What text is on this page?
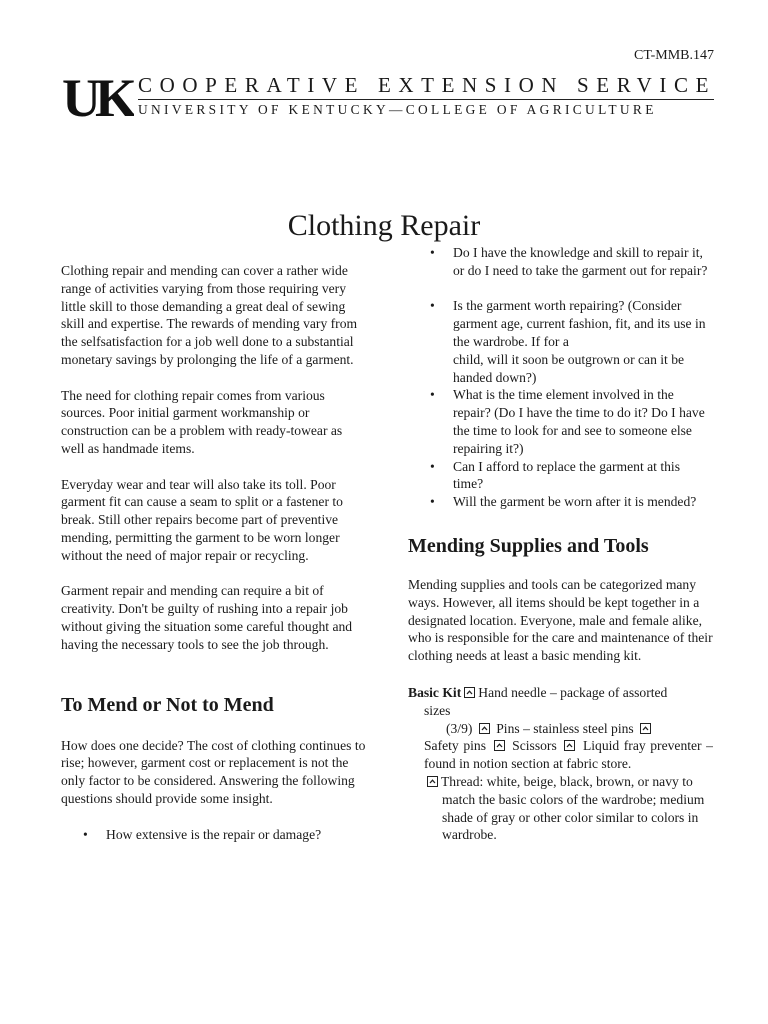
CT-MMB.147
UK COOPERATIVE EXTENSION SERVICE
UNIVERSITY OF KENTUCKY—COLLEGE OF AGRICULTURE
Clothing Repair

Clothing repair and mending can cover a rather wide range of activities varying from those requiring very little skill to those demanding a great deal of sewing skill and expertise. The rewards of mending vary from the selfsatisfaction for a job well done to a substantial monetary savings by prolonging the life of a garment.

The need for clothing repair comes from various sources. Poor initial garment workmanship or construction can be a problem with ready-towear as well as handmade items.

Everyday wear and tear will also take its toll. Poor garment fit can cause a seam to split or a fastener to break. Still other repairs become part of preventive mending, permitting the garment to be worn longer without the need of major repair or recycling.

Garment repair and mending can require a bit of creativity. Don't be guilty of rushing into a repair job without giving the situation some careful thought and having the necessary tools to see the job through.

To Mend or Not to Mend

How does one decide? The cost of clothing continues to rise; however, garment cost or replacement is not the only factor to be considered. Answering the following questions should provide some insight.

• How extensive is the repair or damage?
• Do I have the knowledge and skill to repair it, or do I need to take the garment out for repair?
• Is the garment worth repairing? (Consider garment age, current fashion, fit, and its use in the wardrobe. If for a
child, will it soon be outgrown or can it be handed down?)
• What is the time element involved in the repair? (Do I have the time to do it? Do I have the time to look for and see to someone else repairing it?)
• Can I afford to replace the garment at this time?
• Will the garment be worn after it is mended?
Mending Supplies and Tools

Mending supplies and tools can be categorized many ways. However, all items should be kept together in a designated location. Everyone, male and female alike, who is responsible for the care and maintenance of their clothing needs at least a basic mending kit.

Basic Kit Hand needle – package of assorted
sizes
(3/9) Pins – stainless steel pins
Safety pins Scissors Liquid fray preventer – found in notion section at fabric store.
Thread: white, beige, black, brown, or navy to match the basic colors of the wardrobe; medium shade of gray or other color similar to colors in wardrobe.
